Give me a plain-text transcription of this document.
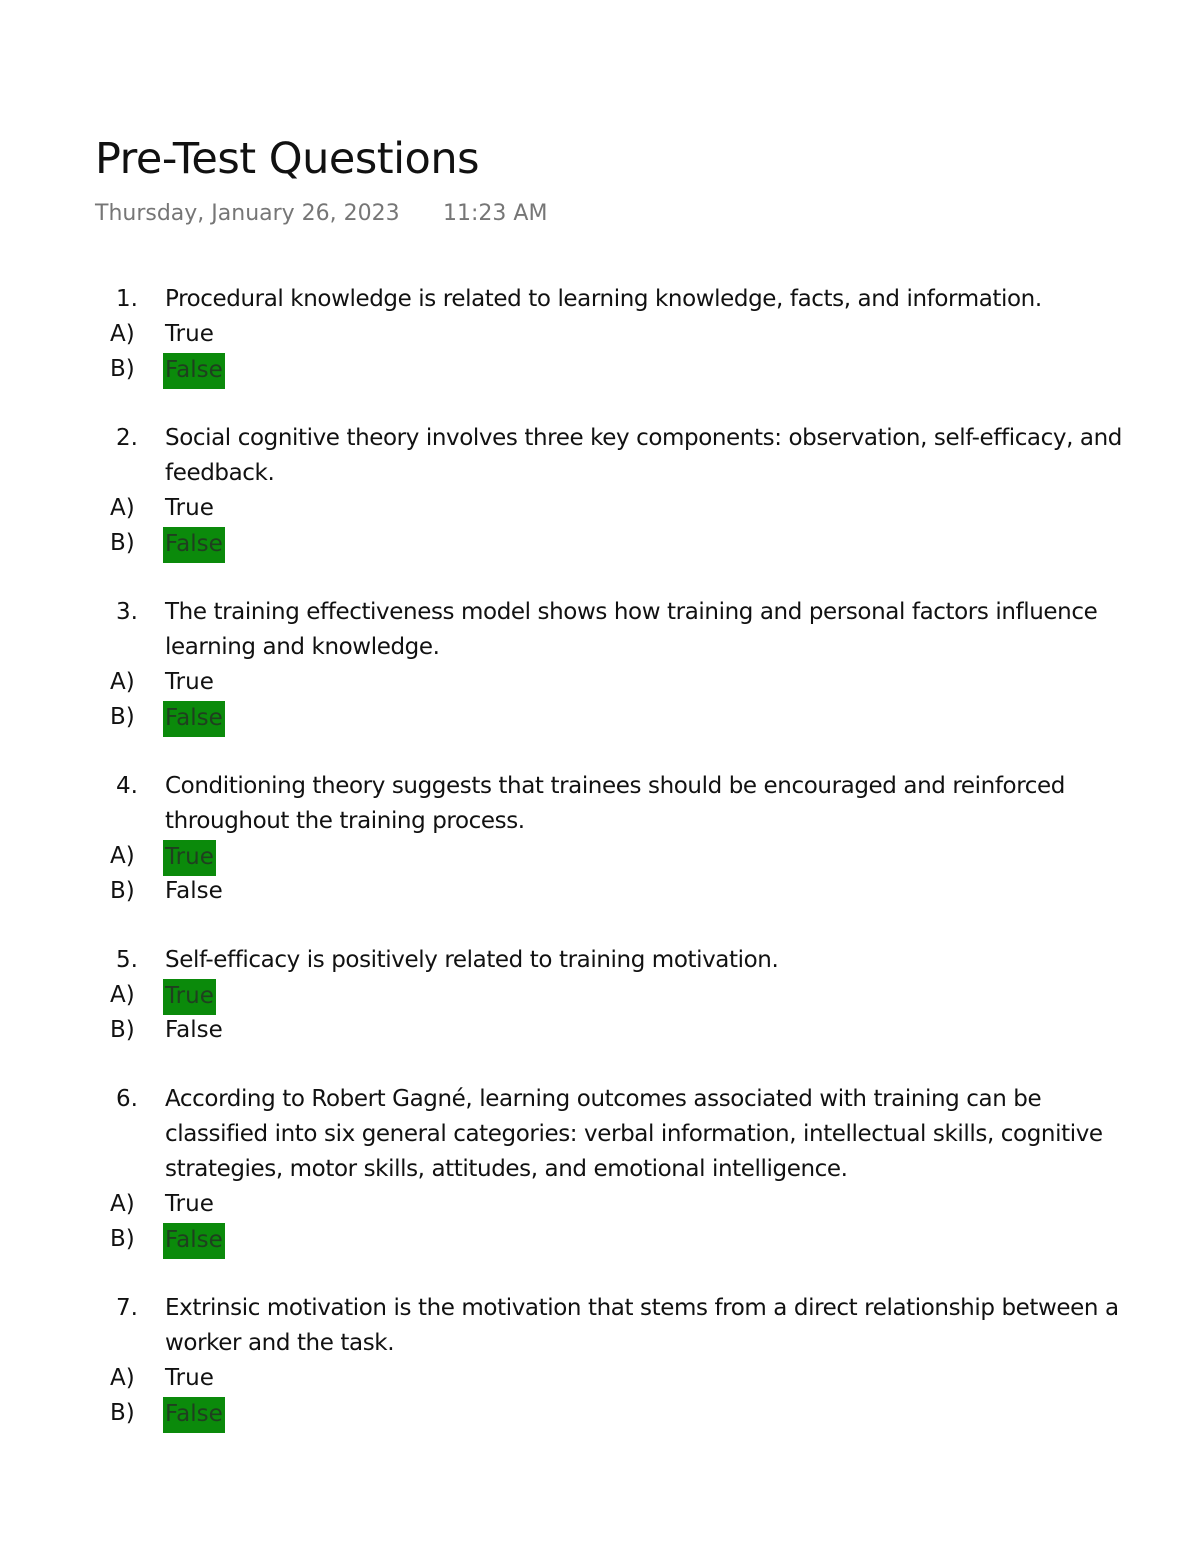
Pre-Test Questions
Thursday, January 26, 2023 11:23 AM
1. Procedural knowledge is related to learning knowledge, facts, and information.
A) True
B) False
2. Social cognitive theory involves three key components: observation, self-efficacy, and feedback.
A) True
B) False
3. The training effectiveness model shows how training and personal factors influence learning and knowledge.
A) True
B) False
4. Conditioning theory suggests that trainees should be encouraged and reinforced throughout the training process.
A) True
B) False
5. Self-efficacy is positively related to training motivation.
A) True
B) False
6. According to Robert Gagné, learning outcomes associated with training can be classified into six general categories: verbal information, intellectual skills, cognitive strategies, motor skills, attitudes, and emotional intelligence.
A) True
B) False
7. Extrinsic motivation is the motivation that stems from a direct relationship between a worker and the task.
A) True
B) False
